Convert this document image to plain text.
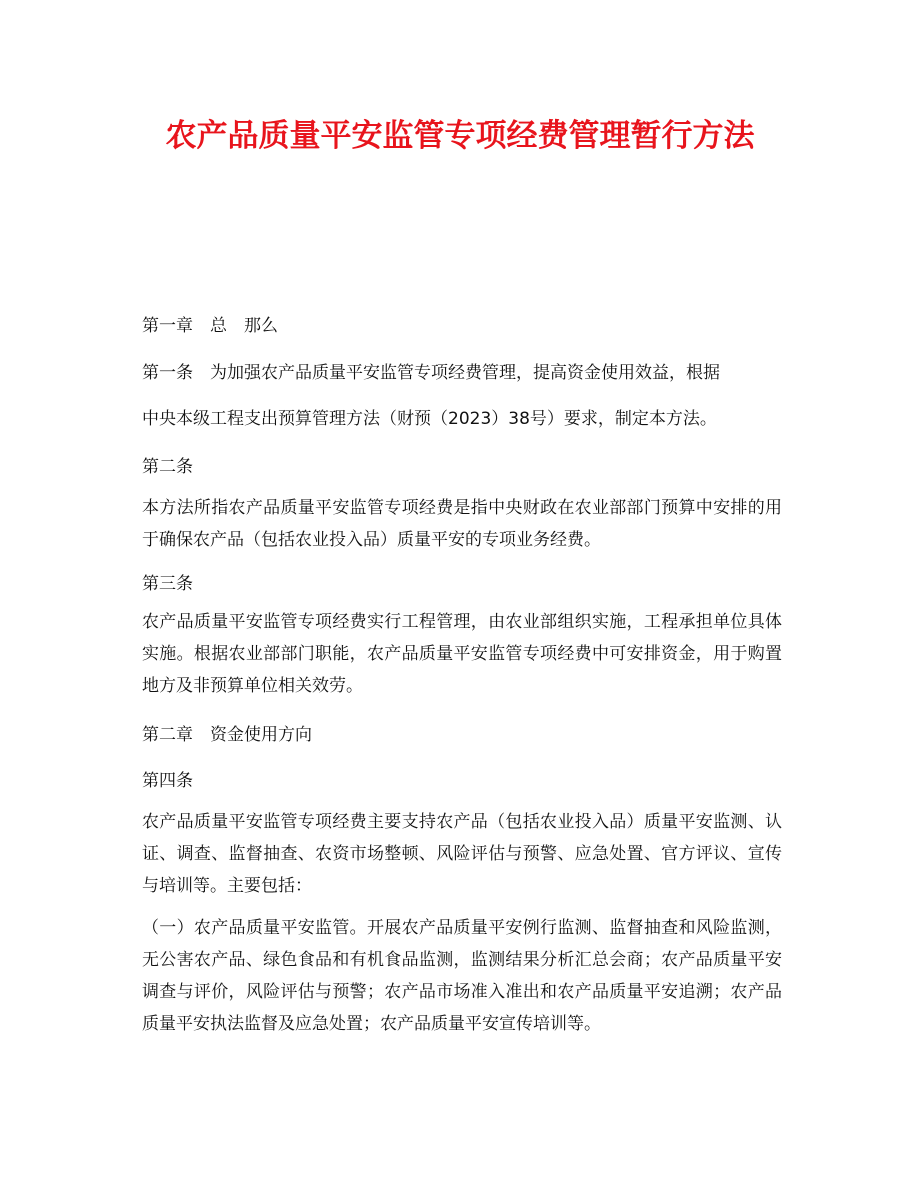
农产品质量平安监管专项经费管理暂行方法
第一章　总　那么
第一条　为加强农产品质量平安监管专项经费管理，提高资金使用效益，根据
中央本级工程支出预算管理方法（财预（2023）38号）要求，制定本方法。
第二条
本方法所指农产品质量平安监管专项经费是指中央财政在农业部部门预算中安排的用于确保农产品（包括农业投入品）质量平安的专项业务经费。
第三条
农产品质量平安监管专项经费实行工程管理，由农业部组织实施，工程承担单位具体实施。根据农业部部门职能，农产品质量平安监管专项经费中可安排资金，用于购置地方及非预算单位相关效劳。
第二章　资金使用方向
第四条
农产品质量平安监管专项经费主要支持农产品（包括农业投入品）质量平安监测、认证、调查、监督抽查、农资市场整顿、风险评估与预警、应急处置、官方评议、宣传与培训等。主要包括：
（一）农产品质量平安监管。开展农产品质量平安例行监测、监督抽查和风险监测，无公害农产品、绿色食品和有机食品监测，监测结果分析汇总会商；农产品质量平安调查与评价，风险评估与预警；农产品市场准入准出和农产品质量平安追溯；农产品质量平安执法监督及应急处置；农产品质量平安宣传培训等。
